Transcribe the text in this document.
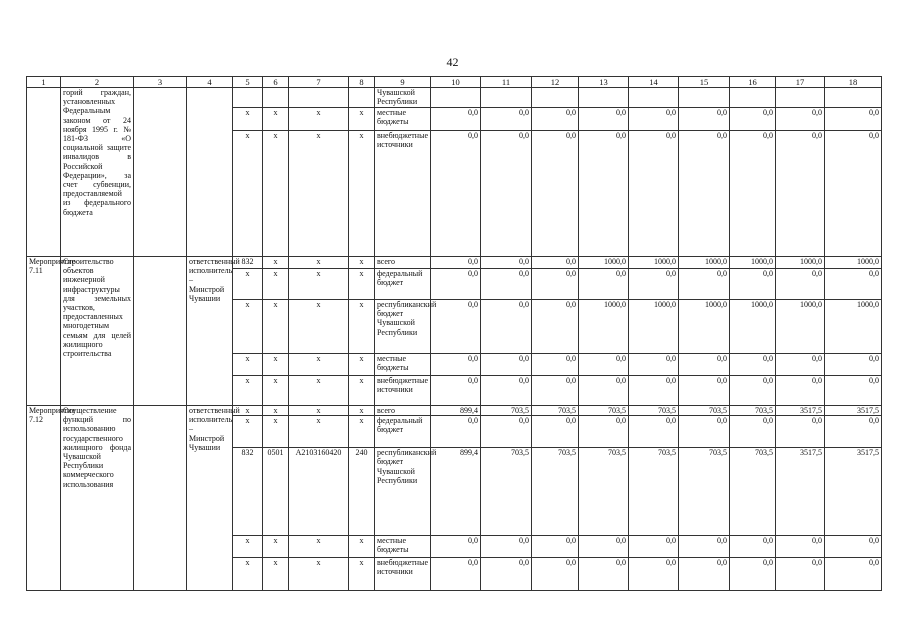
42
1	2	3	4	5	6	7	8	9	10	11	12	13	14	15	16	17	18
	горий граждан, установленных Федеральным законом от 24 ноября 1995 г. № 181-ФЗ «О социальной защите инвалидов в Российской Федерации», за счет субвенции, предоставляемой из федерального бюджета							Чувашской Республики									
				x	x	x	x	местные бюджеты	0,0	0,0	0,0	0,0	0,0	0,0	0,0	0,0	0,0
				x	x	x	x	внебюджетные источники	0,0	0,0	0,0	0,0	0,0	0,0	0,0	0,0	0,0
Мероприятие 7.11	Строительство объектов инженерной инфраструктуры для земельных участков, предоставленных многодетным семьям для целей жилищного строительства		ответственный исполнитель – Минстрой Чувашии	832	x	x	x	всего	0,0	0,0	0,0	1000,0	1000,0	1000,0	1000,0	1000,0	1000,0
				x	x	x	x	федеральный бюджет	0,0	0,0	0,0	0,0	0,0	0,0	0,0	0,0	0,0
				x	x	x	x	республиканский бюджет Чувашской Республики	0,0	0,0	0,0	1000,0	1000,0	1000,0	1000,0	1000,0	1000,0
				x	x	x	x	местные бюджеты	0,0	0,0	0,0	0,0	0,0	0,0	0,0	0,0	0,0
				x	x	x	x	внебюджетные источники	0,0	0,0	0,0	0,0	0,0	0,0	0,0	0,0	0,0
Мероприятие 7.12	Осуществление функций по использованию государственного жилищного фонда Чувашской Республики коммерческого использования		ответственный исполнитель – Минстрой Чувашии	x	x	x	x	всего	899,4	703,5	703,5	703,5	703,5	703,5	703,5	3517,5	3517,5
				x	x	x	x	федеральный бюджет	0,0	0,0	0,0	0,0	0,0	0,0	0,0	0,0	0,0
				832	0501	А2103160420	240	республиканский бюджет Чувашской Республики	899,4	703,5	703,5	703,5	703,5	703,5	703,5	3517,5	3517,5
				x	x	x	x	местные бюджеты	0,0	0,0	0,0	0,0	0,0	0,0	0,0	0,0	0,0
				x	x	x	x	внебюджетные источники	0,0	0,0	0,0	0,0	0,0	0,0	0,0	0,0	0,0
